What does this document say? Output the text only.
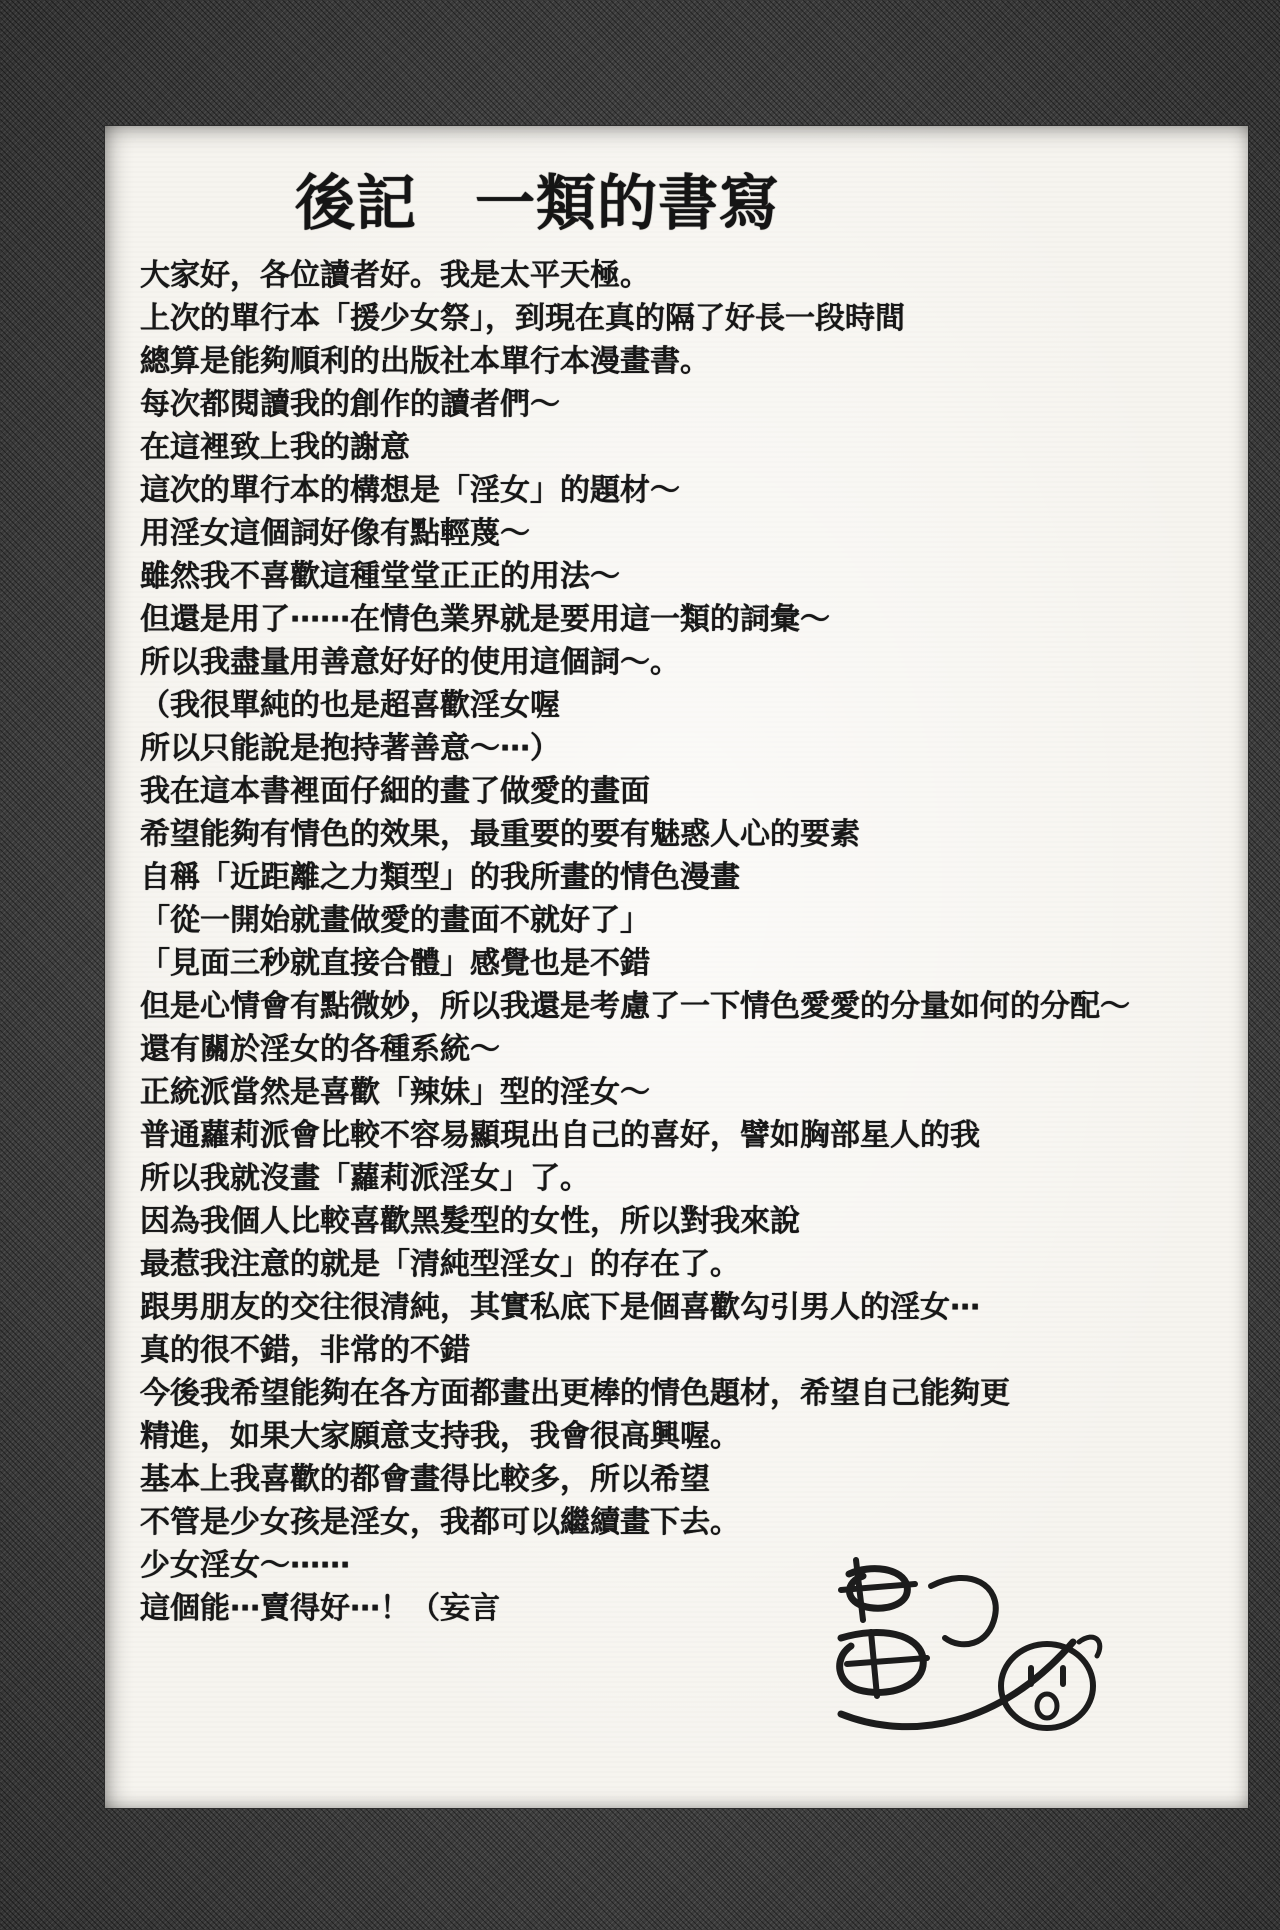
後記 一類的書寫
大家好，各位讀者好。我是太平天極。
上次的單行本「援少女祭」，到現在真的隔了好長一段時間
總算是能夠順利的出版社本單行本漫畫書。
每次都閱讀我的創作的讀者們～
在這裡致上我的謝意
這次的單行本的構想是「淫女」的題材～
用淫女這個詞好像有點輕蔑～
雖然我不喜歡這種堂堂正正的用法～
但還是用了⋯⋯在情色業界就是要用這一類的詞彙～
所以我盡量用善意好好的使用這個詞～。
（我很單純的也是超喜歡淫女喔
所以只能說是抱持著善意～⋯）
我在這本書裡面仔細的畫了做愛的畫面
希望能夠有情色的效果，最重要的要有魅惑人心的要素
自稱「近距離之力類型」的我所畫的情色漫畫
「從一開始就畫做愛的畫面不就好了」
「見面三秒就直接合體」感覺也是不錯
但是心情會有點微妙，所以我還是考慮了一下情色愛愛的分量如何的分配～
還有關於淫女的各種系統～
正統派當然是喜歡「辣妹」型的淫女～
普通蘿莉派會比較不容易顯現出自己的喜好，譬如胸部星人的我
所以我就沒畫「蘿莉派淫女」了。
因為我個人比較喜歡黑髮型的女性，所以對我來說
最惹我注意的就是「清純型淫女」的存在了。
跟男朋友的交往很清純，其實私底下是個喜歡勾引男人的淫女⋯
真的很不錯，非常的不錯
今後我希望能夠在各方面都畫出更棒的情色題材，希望自己能夠更
精進，如果大家願意支持我，我會很高興喔。
基本上我喜歡的都會畫得比較多，所以希望
不管是少女孩是淫女，我都可以繼續畫下去。
少女淫女～⋯⋯
這個能⋯賣得好⋯！（妄言
